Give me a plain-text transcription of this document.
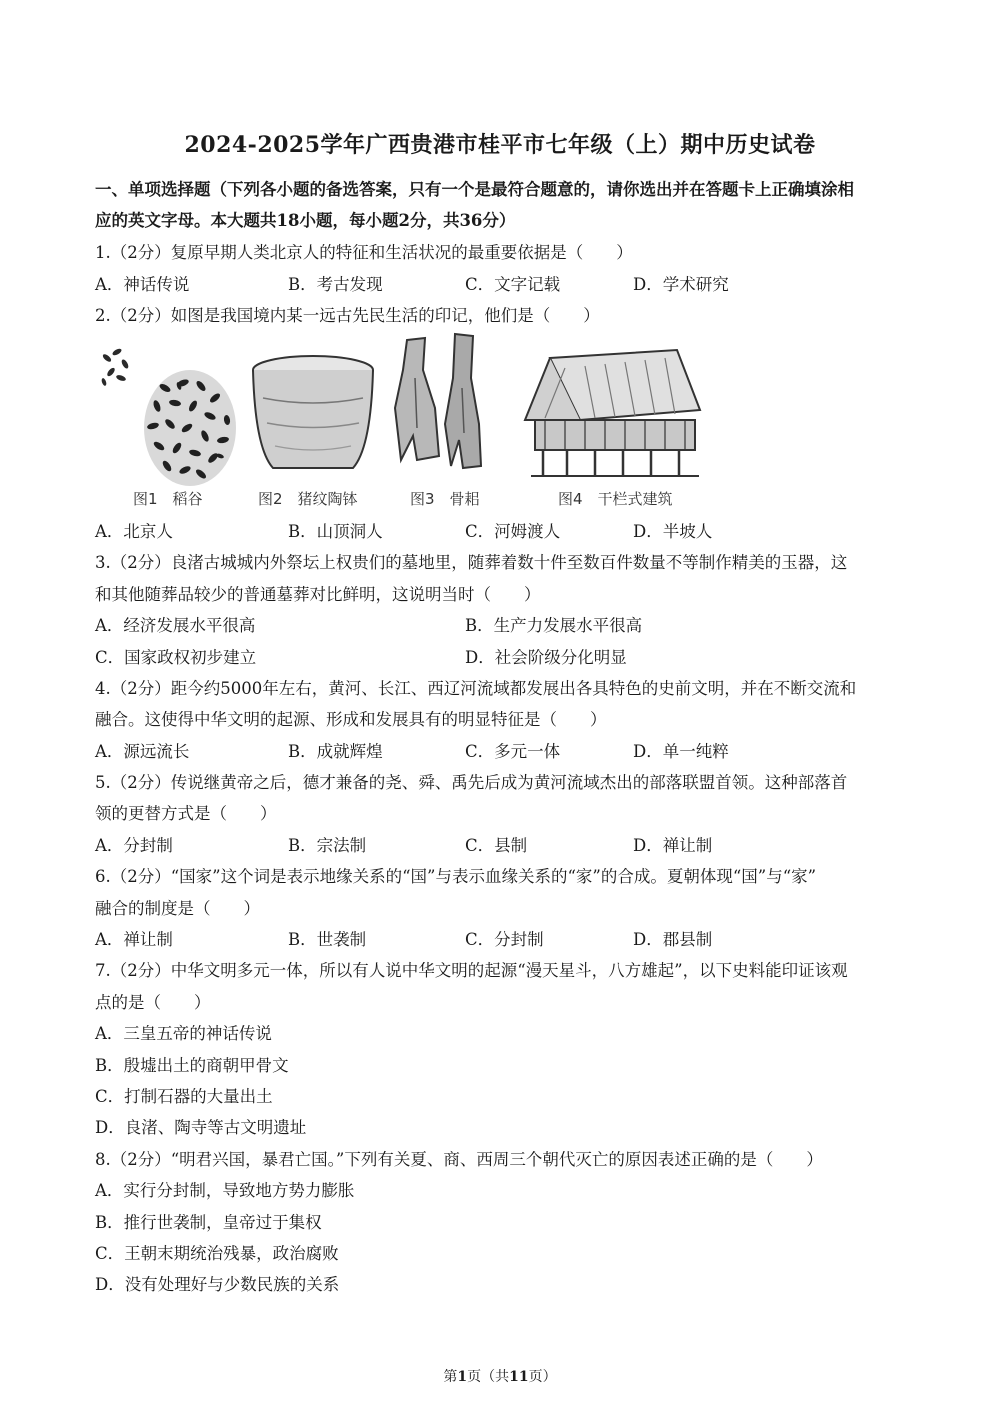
2024-2025学年广西贵港市桂平市七年级（上）期中历史试卷
一、单项选择题（下列各小题的备选答案，只有一个是最符合题意的，请你选出并在答题卡上正确填涂相
应的英文字母。本大题共18小题，每小题2分，共36分）
1.（2分）复原早期人类北京人的特征和生活状况的最重要依据是（　　）
A．神话传说	B．考古发现	C．文字记载	D．学术研究
2.（2分）如图是我国境内某一远古先民生活的印记，他们是（　　）
图1　稻谷	图2　猪纹陶钵	图3　骨耜	图4　干栏式建筑
A．北京人	B．山顶洞人	C．河姆渡人	D．半坡人
3.（2分）良渚古城城内外祭坛上权贵们的墓地里，随葬着数十件至数百件数量不等制作精美的玉器，这
和其他随葬品较少的普通墓葬对比鲜明，这说明当时（　　）
A．经济发展水平很高	B．生产力发展水平很高
C．国家政权初步建立	D．社会阶级分化明显
4.（2分）距今约5000年左右，黄河、长江、西辽河流域都发展出各具特色的史前文明，并在不断交流和
融合。这使得中华文明的起源、形成和发展具有的明显特征是（　　）
A．源远流长	B．成就辉煌	C．多元一体	D．单一纯粹
5.（2分）传说继黄帝之后，德才兼备的尧、舜、禹先后成为黄河流域杰出的部落联盟首领。这种部落首
领的更替方式是（　　）
A．分封制	B．宗法制	C．县制	D．禅让制
6.（2分）“国家”这个词是表示地缘关系的“国”与表示血缘关系的“家”的合成。夏朝体现“国”与“家”
融合的制度是（　　）
A．禅让制	B．世袭制	C．分封制	D．郡县制
7.（2分）中华文明多元一体，所以有人说中华文明的起源“漫天星斗，八方雄起”，以下史料能印证该观
点的是（　　）
A．三皇五帝的神话传说
B．殷墟出土的商朝甲骨文
C．打制石器的大量出土
D．良渚、陶寺等古文明遗址
8.（2分）“明君兴国，暴君亡国。”下列有关夏、商、西周三个朝代灭亡的原因表述正确的是（　　）
A．实行分封制，导致地方势力膨胀
B．推行世袭制，皇帝过于集权
C．王朝末期统治残暴，政治腐败
D．没有处理好与少数民族的关系
第1页（共11页）
